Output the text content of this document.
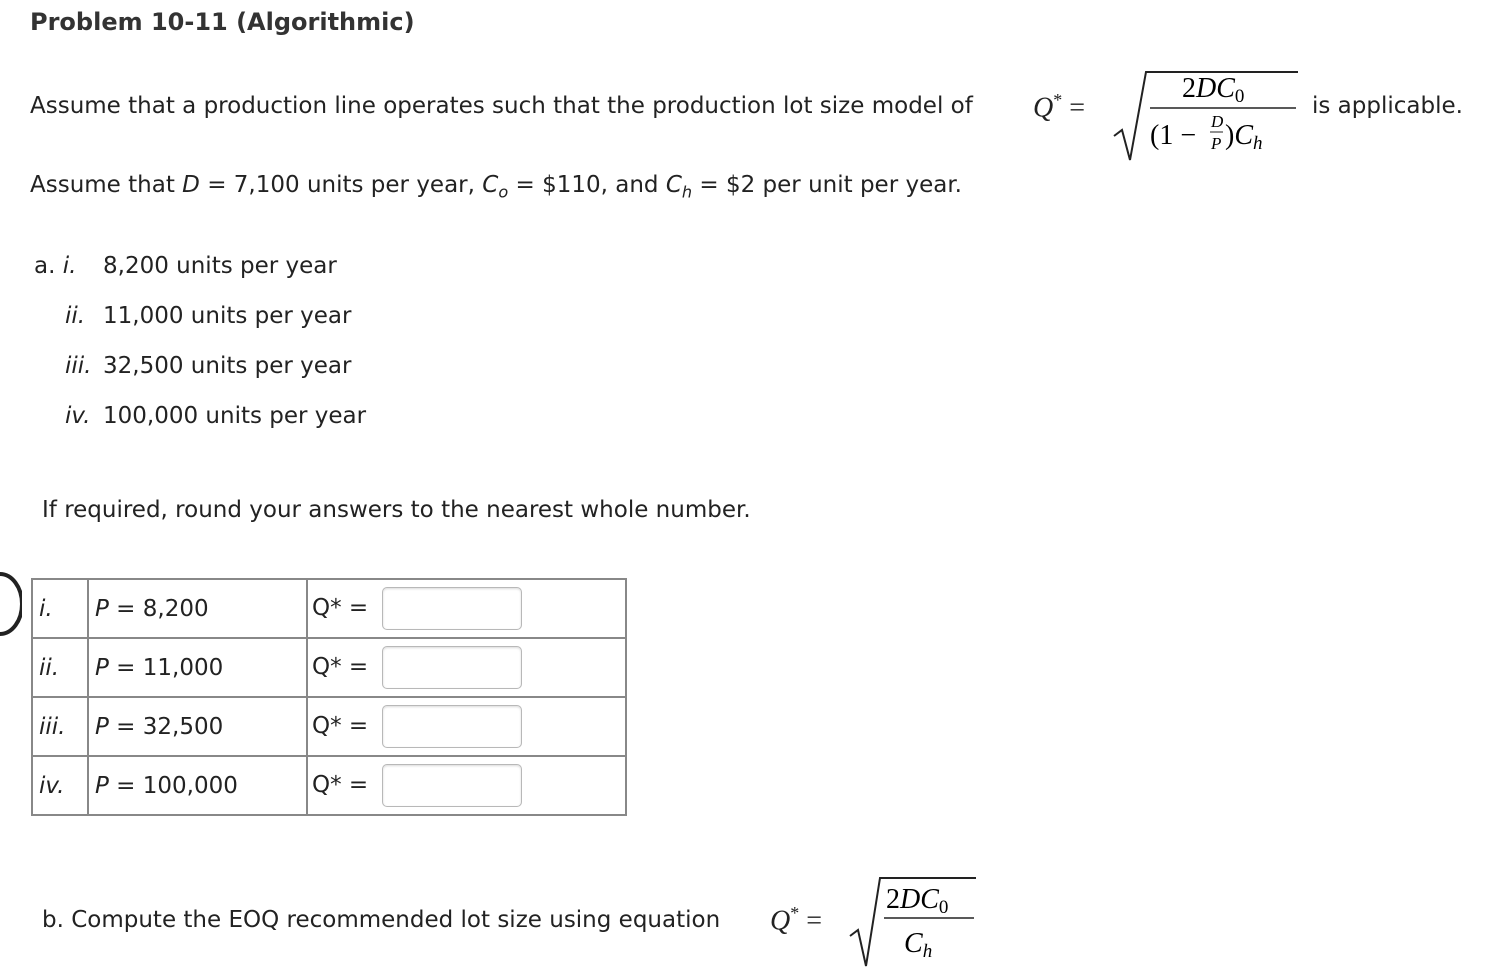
Problem 10-11 (Algorithmic)
Assume that a production line operates such that the production lot size model of Q* =
2DC0
(1 − D
P )Ch
is applicable.
Assume that D = 7,100 units per year, $C_o$ = $110, and $C_h$ = $2 per unit per year.
a. i. 8,200 units per year
ii. 11,000 units per year
iii. 32,500 units per year
iv. 100,000 units per year
If required, round your answers to the nearest whole number.
i.	P = 8,200	Q* =
ii.	P = 11,000	Q* =
iii.	P = 32,500	Q* =
iv.	P = 100,000	Q* =
b. Compute the EOQ recommended lot size using equation Q* =
2DC0
Ch
